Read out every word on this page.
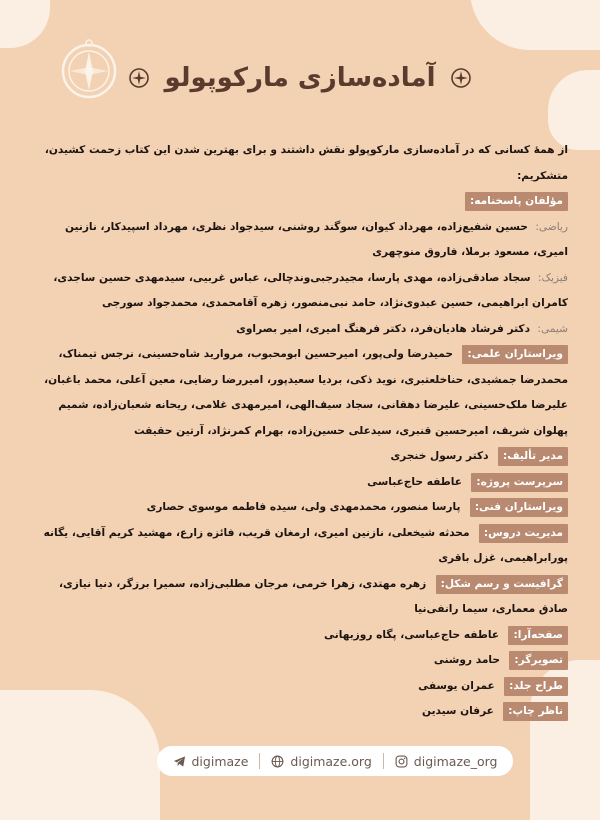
آماده‌سازی مارکوپولو

از همهٔ کسانی که در آماده‌سازی مارکوپولو نقش داشتند و برای بهترین شدن این کتاب زحمت کشیدن، متشکریم:

مؤلفان پاسخنامه:

ریاضی: حسین شفیع‌زاده، مهرداد کیوان، سوگند روشنی، سیدجواد نظری، مهرداد اسپیدکار، نازنین امیری، مسعود برملا، فاروق منوچهری

فیزیک: سجاد صادقی‌زاده، مهدی پارسا، مجیدرجبی‌وندچالی، عباس غربیی، سیدمهدی حسین ساجدی، کامران ابراهیمی، حسین عبدوی‌نژاد، حامد نبی‌منصور، زهره آقامحمدی، محمدجواد سورجی

شیمی: دکتر فرشاد هادیان‌فرد، دکتر فرهنگ امیری، امیر بصراوی

ویراستاران علمی: حمیدرضا ولی‌پور، امیرحسین ابومحبوب، مروارید شاه‌حسینی، نرجس تیمناک، محمدرضا جمشیدی، حناخلعتبری، نوید ذکی، بردیا سعیدپور، امیررضا رضایی، معین آعلی، محمد باغبان، علیرضا ملک‌حسینی، علیرضا دهقانی، سجاد سیف‌الهی، امیرمهدی غلامی، ریحانه شعبان‌زاده، شمیم پهلوان شریف، امیرحسین قنبری، سیدعلی حسین‌زاده، بهرام کمرنژاد، آرتین حقیقت

مدیر تألیف: دکتر رسول خنجری

سرپرست پروژه: عاطفه حاج‌عباسی

ویراستاران فنی: پارسا منصور، محمدمهدی ولی، سیده فاطمه موسوی حصاری

مدیریت دروس: محدثه شیخعلی، نازنین امیری، ارمغان قریب، فائزه زارع، مهشید کریم آقایی، یگانه پورابراهیمی، غزل باقری

گرافیست و رسم شکل: زهره مهتدی، زهرا خرمی، مرجان مطلبی‌زاده، سمیرا برزگر، دنیا نیازی، صادق معماری، سیما رانفی‌نیا

صفحه‌آرا: عاطفه حاج‌عباسی، پگاه روزبهانی

تصویرگر: حامد روشنی

طراح جلد: عمران یوسفی

ناظر چاپ: عرفان سیدین

digimaze	digimaze.org	digimaze_org
